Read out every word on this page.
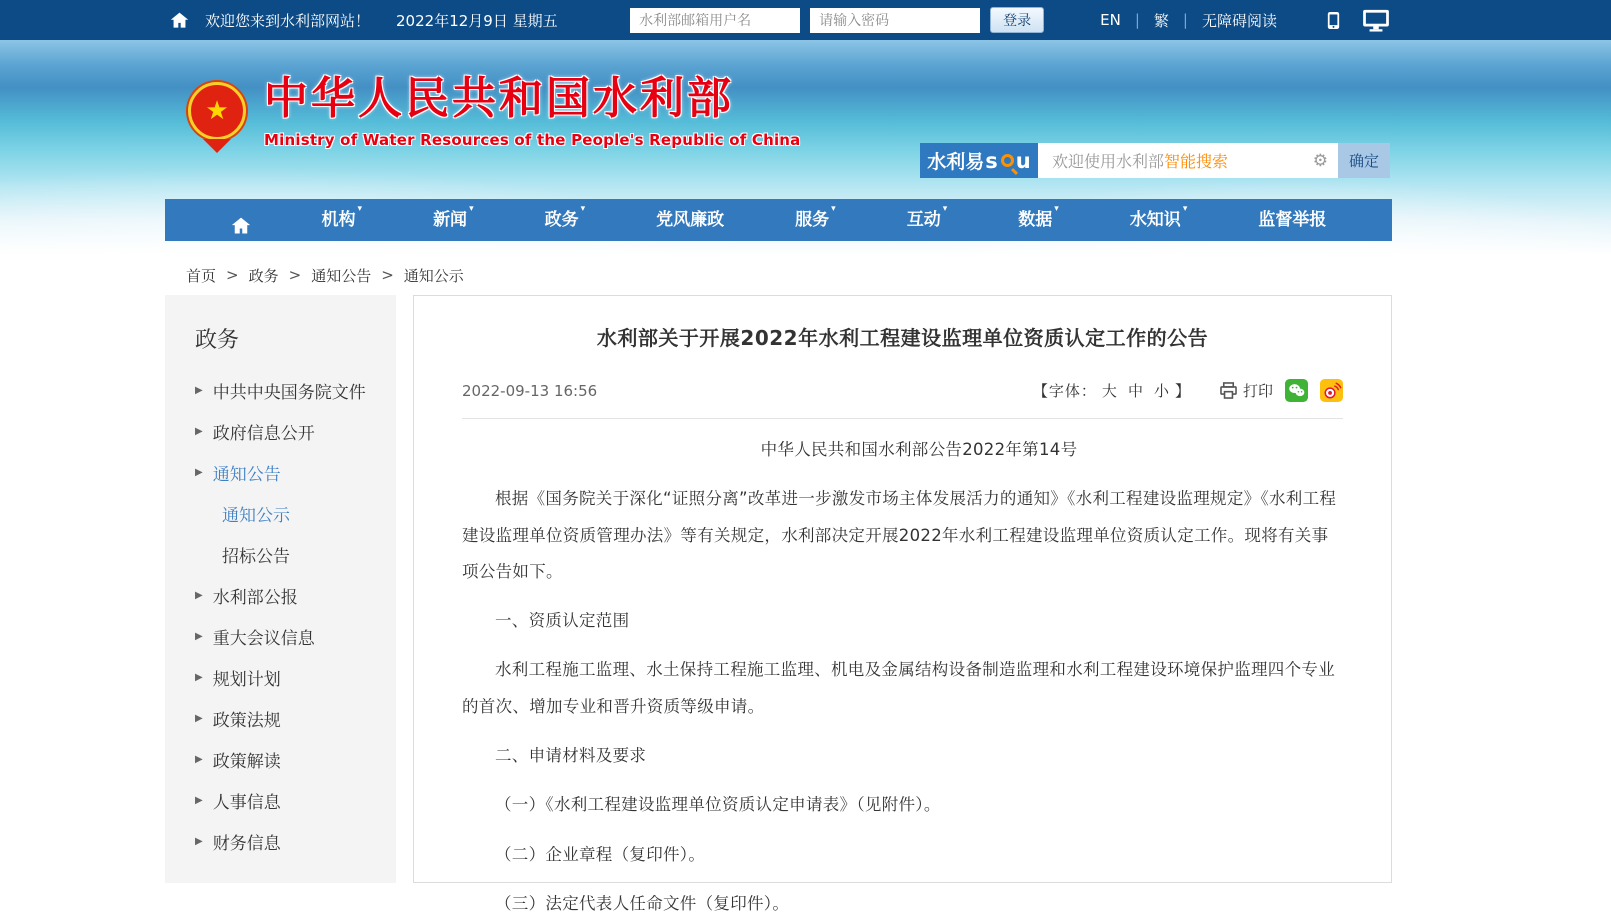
欢迎您来到水利部网站！ 2022年12月9日 星期五
水利部邮箱用户名
请输入密码	登录	EN | 繁 | 无障碍阅读
★ 中华人民共和国水利部
Ministry of Water Resources of the People's Republic of China
水利易 s u 欢迎使用水利部 智能搜索	⚙	确定
机构
▾
新闻
▾
政务
▾
党风廉政	服务
▾
互动
▾
数据
▾
水知识
▾
监督举报
首页 > 政务 > 通知公告 > 通知公示
政务
▶ 中共中央国务院文件
▶ 政府信息公开
▶ 通知公告
通知公示
招标公告
▶ 水利部公报
▶ 重大会议信息
▶ 规划计划
▶ 政策法规
▶ 政策解读
▶ 人事信息
▶ 财务信息
水利部关于开展2022年水利工程建设监理单位资质认定工作的公告
2022-09-13 16:56	【字体： 大 中 小 】	打印

中华人民共和国水利部公告2022年第14号

根据《国务院关于深化“证照分离”改革进一步激发市场主体发展活力的通知》《水利工程建设监理规定》《水利工程建设监理单位资质管理办法》等有关规定，水利部决定开展2022年水利工程建设监理单位资质认定工作。现将有关事项公告如下。

一、资质认定范围

水利工程施工监理、水土保持工程施工监理、机电及金属结构设备制造监理和水利工程建设环境保护监理四个专业的首次、增加专业和晋升资质等级申请。

二、申请材料及要求

（一）《水利工程建设监理单位资质认定申请表》（见附件）。

（二）企业章程（复印件）。

（三）法定代表人任命文件（复印件）。
